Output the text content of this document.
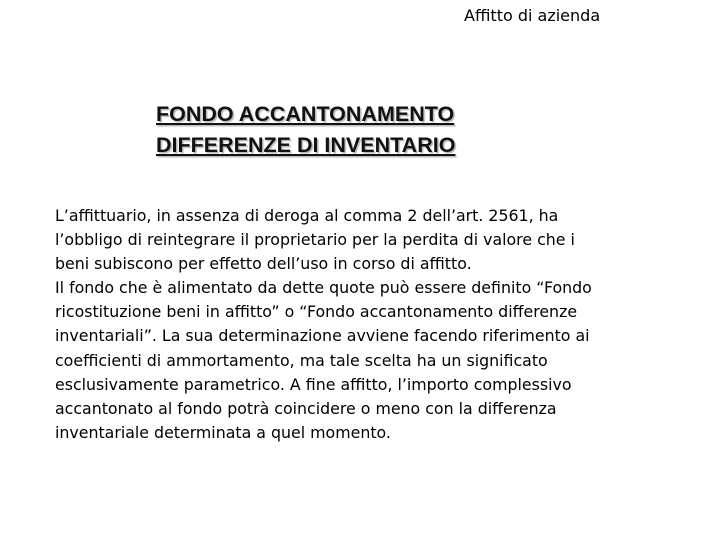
Affitto di azienda
FONDO ACCANTONAMENTO
DIFFERENZE DI INVENTARIO
L’affittuario, in assenza di deroga al comma 2 dell’art. 2561, ha
l’obbligo di reintegrare il proprietario per la perdita di valore che i
beni subiscono per effetto dell’uso in corso di affitto.
Il fondo che è alimentato da dette quote può essere definito “Fondo
ricostituzione beni in affitto” o “Fondo accantonamento differenze
inventariali”. La sua determinazione avviene facendo riferimento ai
coefficienti di ammortamento, ma tale scelta ha un significato
esclusivamente parametrico. A fine affitto, l’importo complessivo
accantonato al fondo potrà coincidere o meno con la differenza
inventariale determinata a quel momento.
